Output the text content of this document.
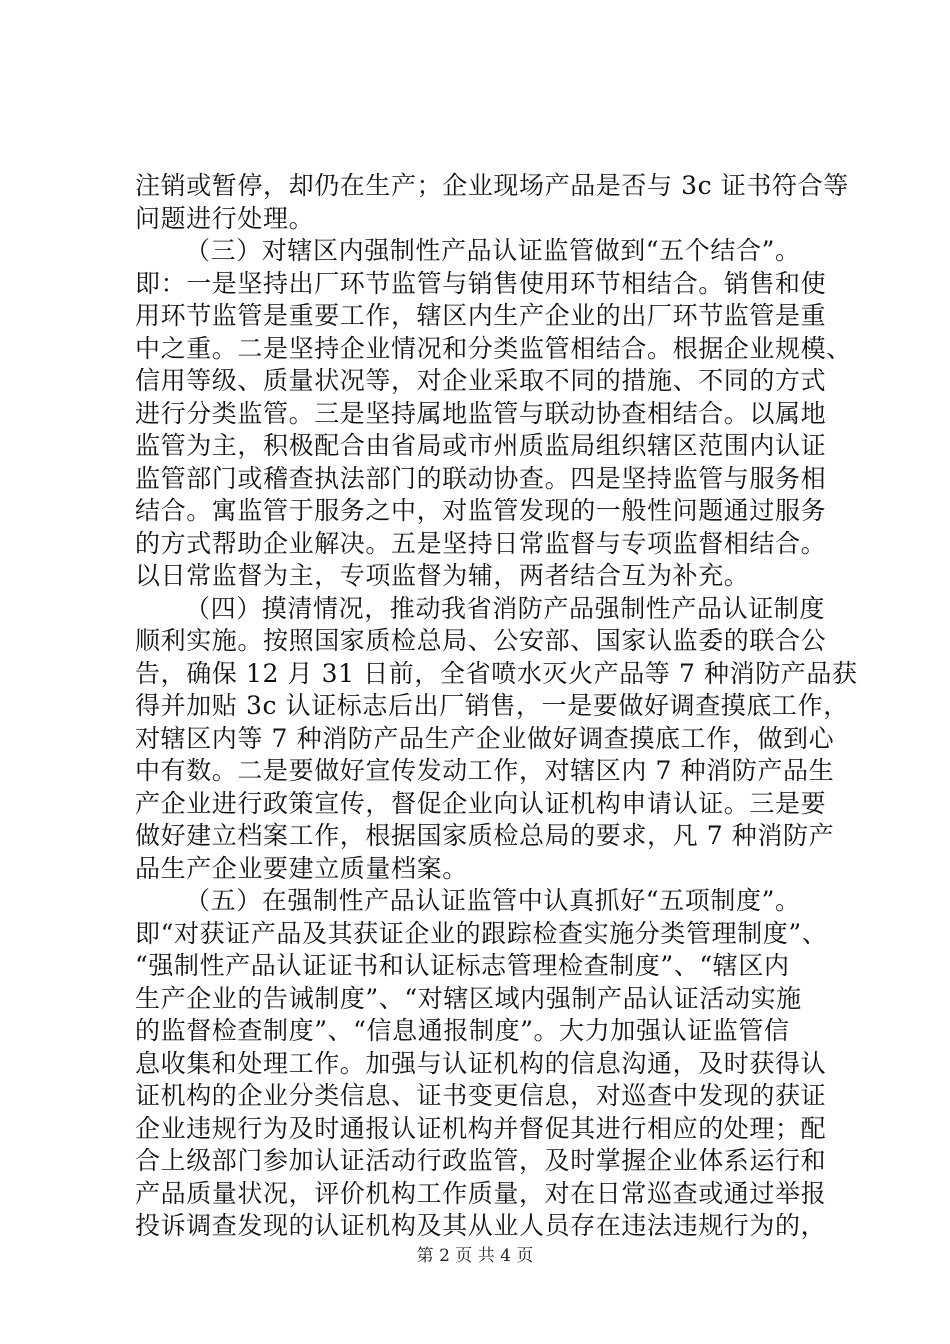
注销或暂停，却仍在生产；企业现场产品是否与 3c 证书符合等
问题进行处理。
（三）对辖区内强制性产品认证监管做到“五个结合”。
即：一是坚持出厂环节监管与销售使用环节相结合。销售和使
用环节监管是重要工作，辖区内生产企业的出厂环节监管是重
中之重。二是坚持企业情况和分类监管相结合。根据企业规模、
信用等级、质量状况等，对企业采取不同的措施、不同的方式
进行分类监管。三是坚持属地监管与联动协查相结合。以属地
监管为主，积极配合由省局或市州质监局组织辖区范围内认证
监管部门或稽查执法部门的联动协查。四是坚持监管与服务相
结合。寓监管于服务之中，对监管发现的一般性问题通过服务
的方式帮助企业解决。五是坚持日常监督与专项监督相结合。
以日常监督为主，专项监督为辅，两者结合互为补充。
（四）摸清情况，推动我省消防产品强制性产品认证制度
顺利实施。按照国家质检总局、公安部、国家认监委的联合公
告，确保 12 月 31 日前，全省喷水灭火产品等 7 种消防产品获
得并加贴 3c 认证标志后出厂销售，一是要做好调查摸底工作，
对辖区内等 7 种消防产品生产企业做好调查摸底工作，做到心
中有数。二是要做好宣传发动工作，对辖区内 7 种消防产品生
产企业进行政策宣传，督促企业向认证机构申请认证。三是要
做好建立档案工作，根据国家质检总局的要求，凡 7 种消防产
品生产企业要建立质量档案。
（五）在强制性产品认证监管中认真抓好“五项制度”。
即“对获证产品及其获证企业的跟踪检查实施分类管理制度”、
“强制性产品认证证书和认证标志管理检查制度”、“辖区内
生产企业的告诫制度”、“对辖区域内强制产品认证活动实施
的监督检查制度”、“信息通报制度”。大力加强认证监管信
息收集和处理工作。加强与认证机构的信息沟通，及时获得认
证机构的企业分类信息、证书变更信息，对巡查中发现的获证
企业违规行为及时通报认证机构并督促其进行相应的处理；配
合上级部门参加认证活动行政监管，及时掌握企业体系运行和
产品质量状况，评价机构工作质量，对在日常巡查或通过举报
投诉调查发现的认证机构及其从业人员存在违法违规行为的，
第 2 页 共 4 页
